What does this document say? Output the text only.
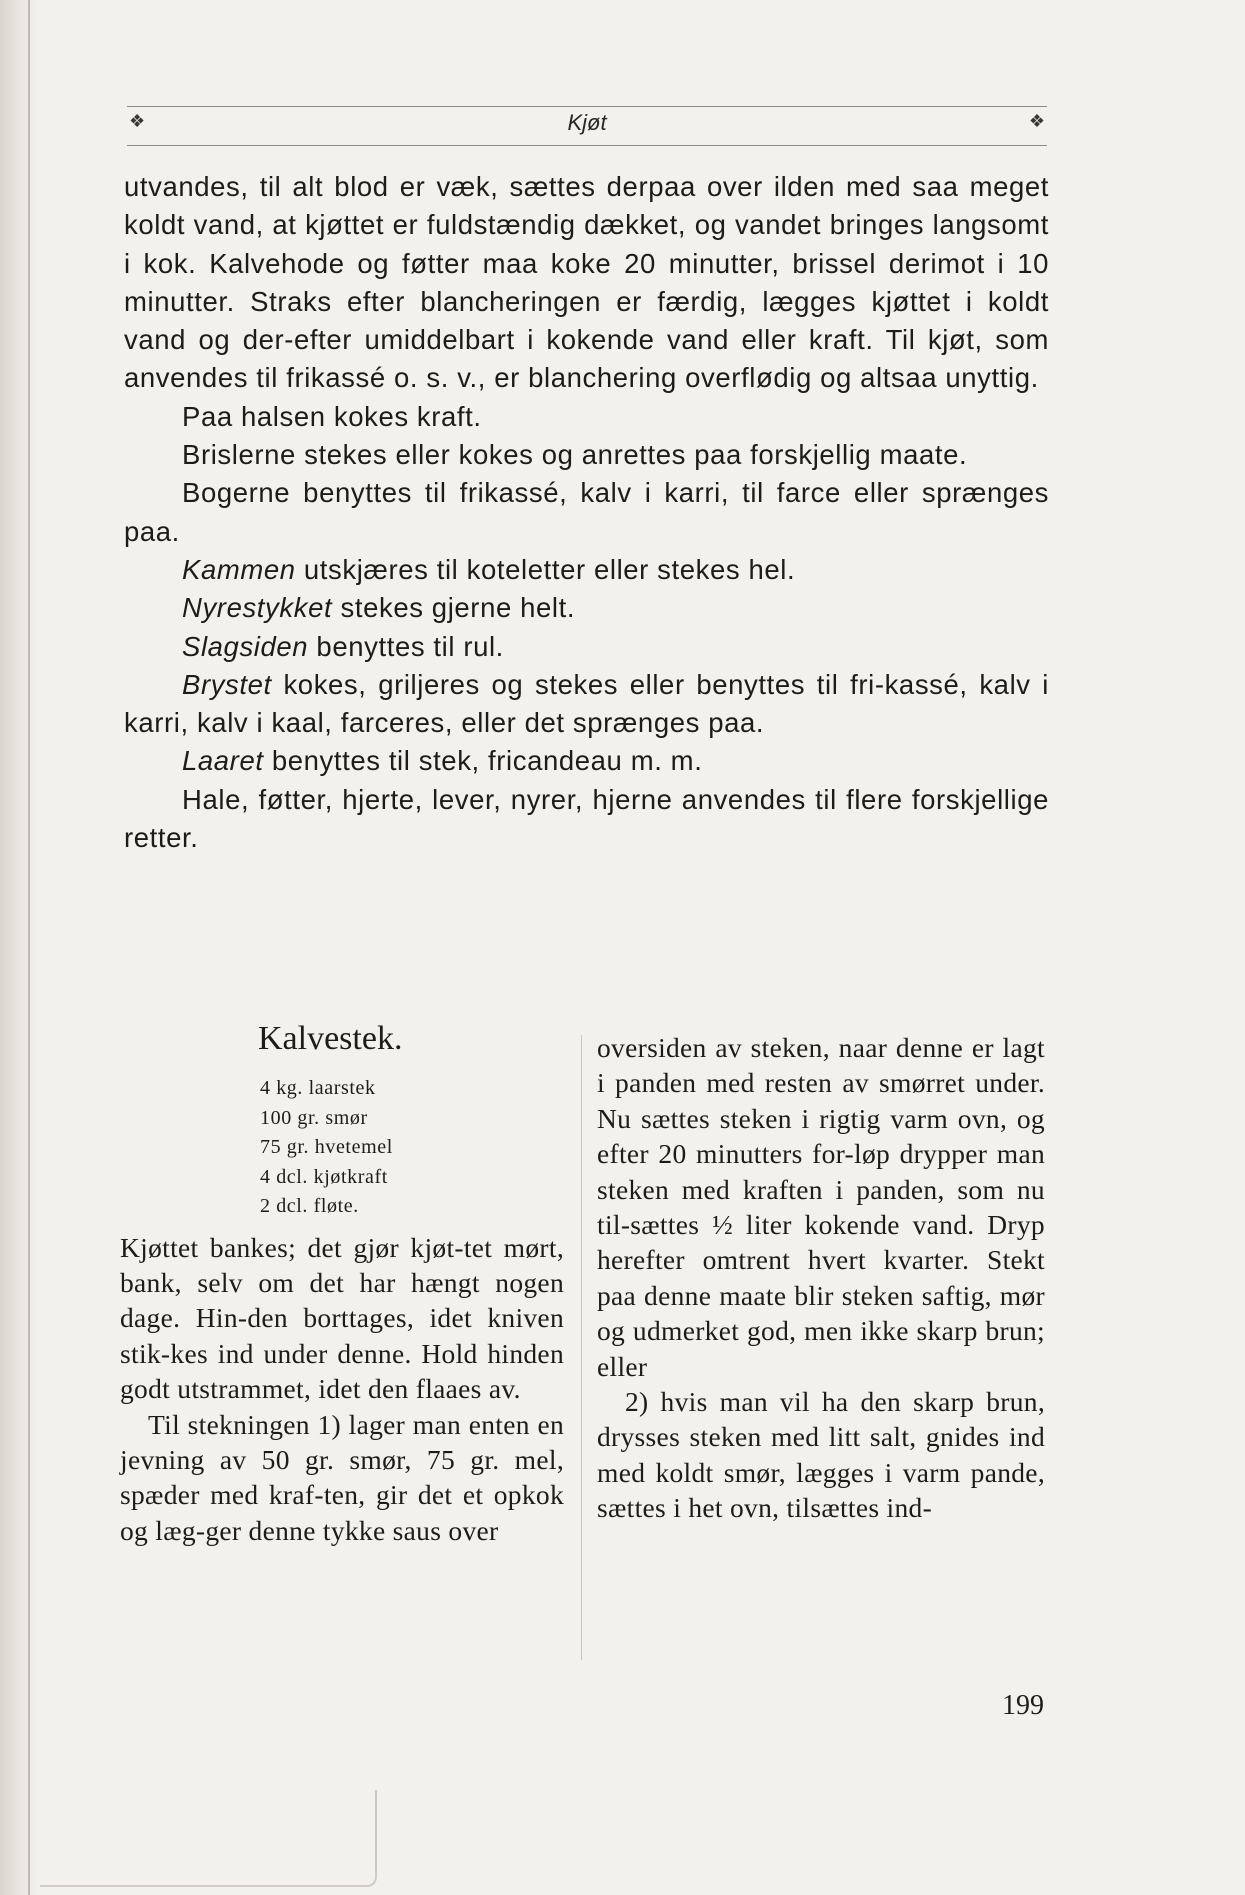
❖	Kjøt	❖

utvandes, til alt blod er væk, sættes derpaa over ilden med saa meget koldt vand, at kjøttet er fuldstændig dækket, og vandet bringes langsomt i kok. Kalvehode og føtter maa koke 20 minutter, brissel derimot i 10 minutter. Straks efter blancheringen er færdig, lægges kjøttet i koldt vand og der-efter umiddelbart i kokende vand eller kraft. Til kjøt, som anvendes til frikassé o. s. v., er blanchering overflødig og altsaa unyttig.

Paa halsen kokes kraft.

Brislerne stekes eller kokes og anrettes paa forskjellig maate.

Bogerne benyttes til frikassé, kalv i karri, til farce eller sprænges paa.

Kammen utskjæres til koteletter eller stekes hel.

Nyrestykket stekes gjerne helt.

Slagsiden benyttes til rul.

Brystet kokes, griljeres og stekes eller benyttes til fri-kassé, kalv i karri, kalv i kaal, farceres, eller det sprænges paa.

Laaret benyttes til stek, fricandeau m. m.

Hale, føtter, hjerte, lever, nyrer, hjerne anvendes til flere forskjellige retter.

Kalvestek.
4 kg. laarstek
100 gr. smør
75 gr. hvetemel
4 dcl. kjøtkraft
2 dcl. fløte.

Kjøttet bankes; det gjør kjøt-tet mørt, bank, selv om det har hængt nogen dage. Hin-den borttages, idet kniven stik-kes ind under denne. Hold hinden godt utstrammet, idet den flaaes av.

Til stekningen 1) lager man enten en jevning av 50 gr. smør, 75 gr. mel, spæder med kraf-ten, gir det et opkok og læg-ger denne tykke saus over

oversiden av steken, naar denne er lagt i panden med resten av smørret under. Nu sættes steken i rigtig varm ovn, og efter 20 minutters for-løp drypper man steken med kraften i panden, som nu til-sættes ½ liter kokende vand. Dryp herefter omtrent hvert kvarter. Stekt paa denne maate blir steken saftig, mør og udmerket god, men ikke skarp brun; eller

2) hvis man vil ha den skarp brun, drysses steken med litt salt, gnides ind med koldt smør, lægges i varm pande, sættes i het ovn, tilsættes ind-

199
